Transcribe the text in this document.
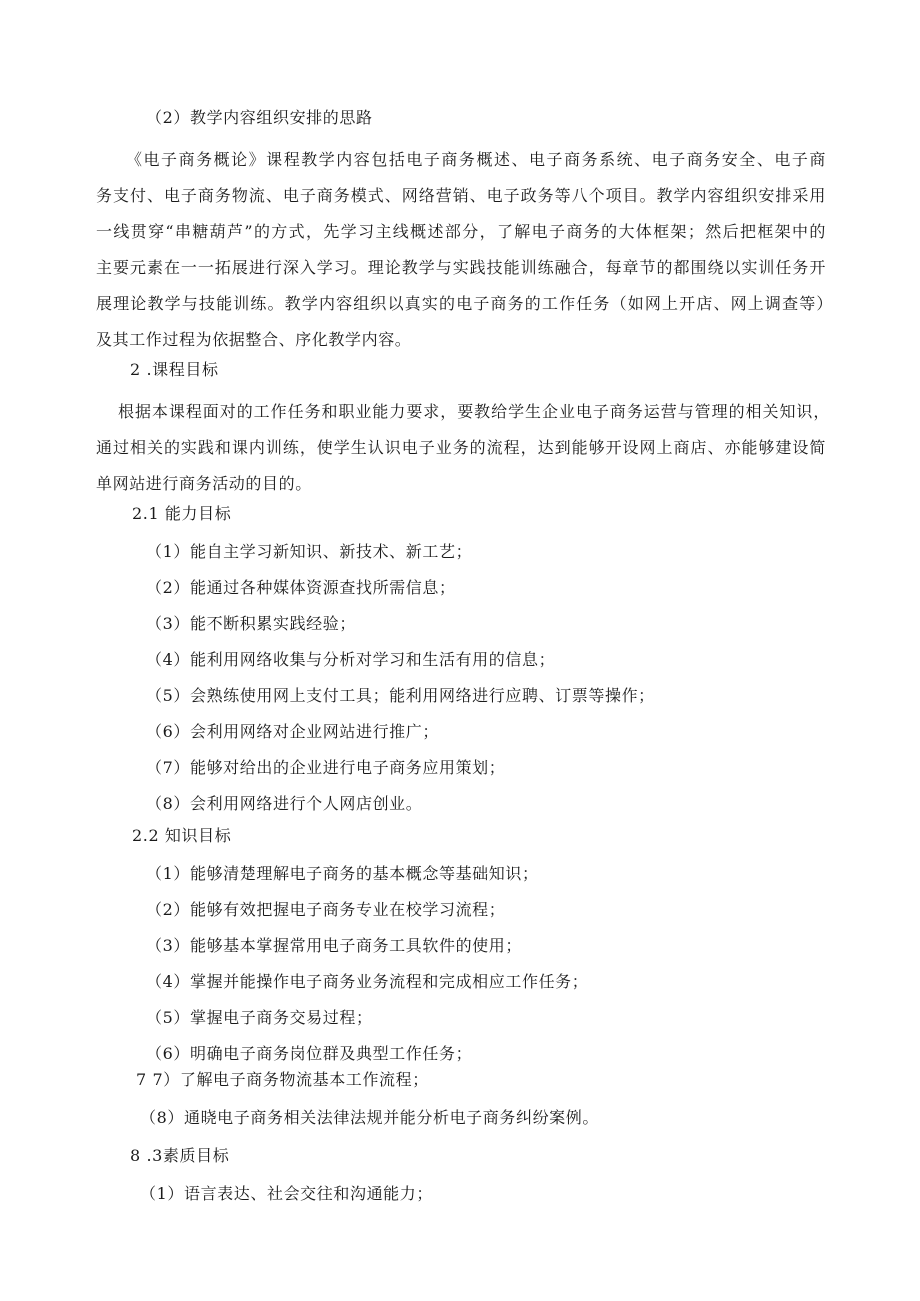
（2）教学内容组织安排的思路
《电子商务概论》课程教学内容包括电子商务概述、电子商务系统、电子商务安全、电子商
务支付、电子商务物流、电子商务模式、网络营销、电子政务等八个项目。教学内容组织安排采用
一线贯穿“串糖葫芦”的方式，先学习主线概述部分，了解电子商务的大体框架；然后把框架中的
主要元素在一一拓展进行深入学习。理论教学与实践技能训练融合，每章节的都围绕以实训任务开
展理论教学与技能训练。教学内容组织以真实的电子商务的工作任务（如网上开店、网上调查等）
及其工作过程为依据整合、序化教学内容。
2 .课程目标
根据本课程面对的工作任务和职业能力要求，要教给学生企业电子商务运营与管理的相关知识，
通过相关的实践和课内训练，使学生认识电子业务的流程，达到能够开设网上商店、亦能够建设简
单网站进行商务活动的目的。
2.1 能力目标
（1）能自主学习新知识、新技术、新工艺；
（2）能通过各种媒体资源查找所需信息；
（3）能不断积累实践经验；
（4）能利用网络收集与分析对学习和生活有用的信息；
（5）会熟练使用网上支付工具；能利用网络进行应聘、订票等操作；
（6）会利用网络对企业网站进行推广；
（7）能够对给出的企业进行电子商务应用策划；
（8）会利用网络进行个人网店创业。
2.2 知识目标
（1）能够清楚理解电子商务的基本概念等基础知识；
（2）能够有效把握电子商务专业在校学习流程；
（3）能够基本掌握常用电子商务工具软件的使用；
（4）掌握并能操作电子商务业务流程和完成相应工作任务；
（5）掌握电子商务交易过程；
（6）明确电子商务岗位群及典型工作任务；
7 7）了解电子商务物流基本工作流程；
（8）通晓电子商务相关法律法规并能分析电子商务纠纷案例。
8 .3素质目标
（1）语言表达、社会交往和沟通能力；
